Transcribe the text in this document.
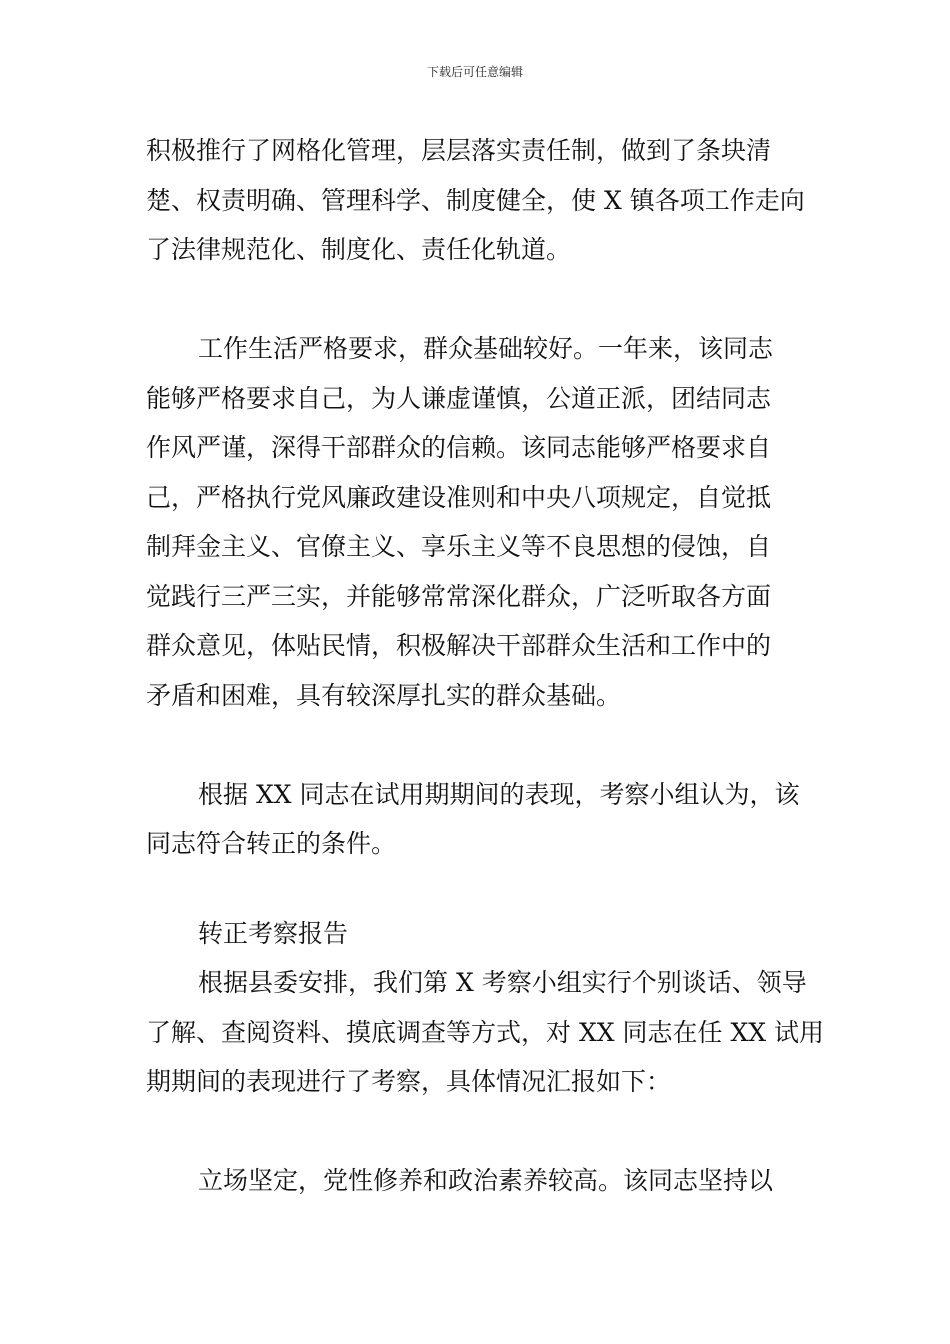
下载后可任意编辑
积极推行了网格化管理，层层落实责任制，做到了条块清
楚、权责明确、管理科学、制度健全，使 X 镇各项工作走向
了法律规范化、制度化、责任化轨道。
工作生活严格要求，群众基础较好。一年来，该同志
能够严格要求自己，为人谦虚谨慎，公道正派，团结同志
作风严谨，深得干部群众的信赖。该同志能够严格要求自
己，严格执行党风廉政建设准则和中央八项规定，自觉抵
制拜金主义、官僚主义、享乐主义等不良思想的侵蚀，自
觉践行三严三实，并能够常常深化群众，广泛听取各方面
群众意见，体贴民情，积极解决干部群众生活和工作中的
矛盾和困难，具有较深厚扎实的群众基础。
根据 XX 同志在试用期期间的表现，考察小组认为，该
同志符合转正的条件。
转正考察报告
根据县委安排，我们第 X 考察小组实行个别谈话、领导
了解、查阅资料、摸底调查等方式，对 XX 同志在任 XX 试用
期期间的表现进行了考察，具体情况汇报如下：
立场坚定，党性修养和政治素养较高。该同志坚持以
